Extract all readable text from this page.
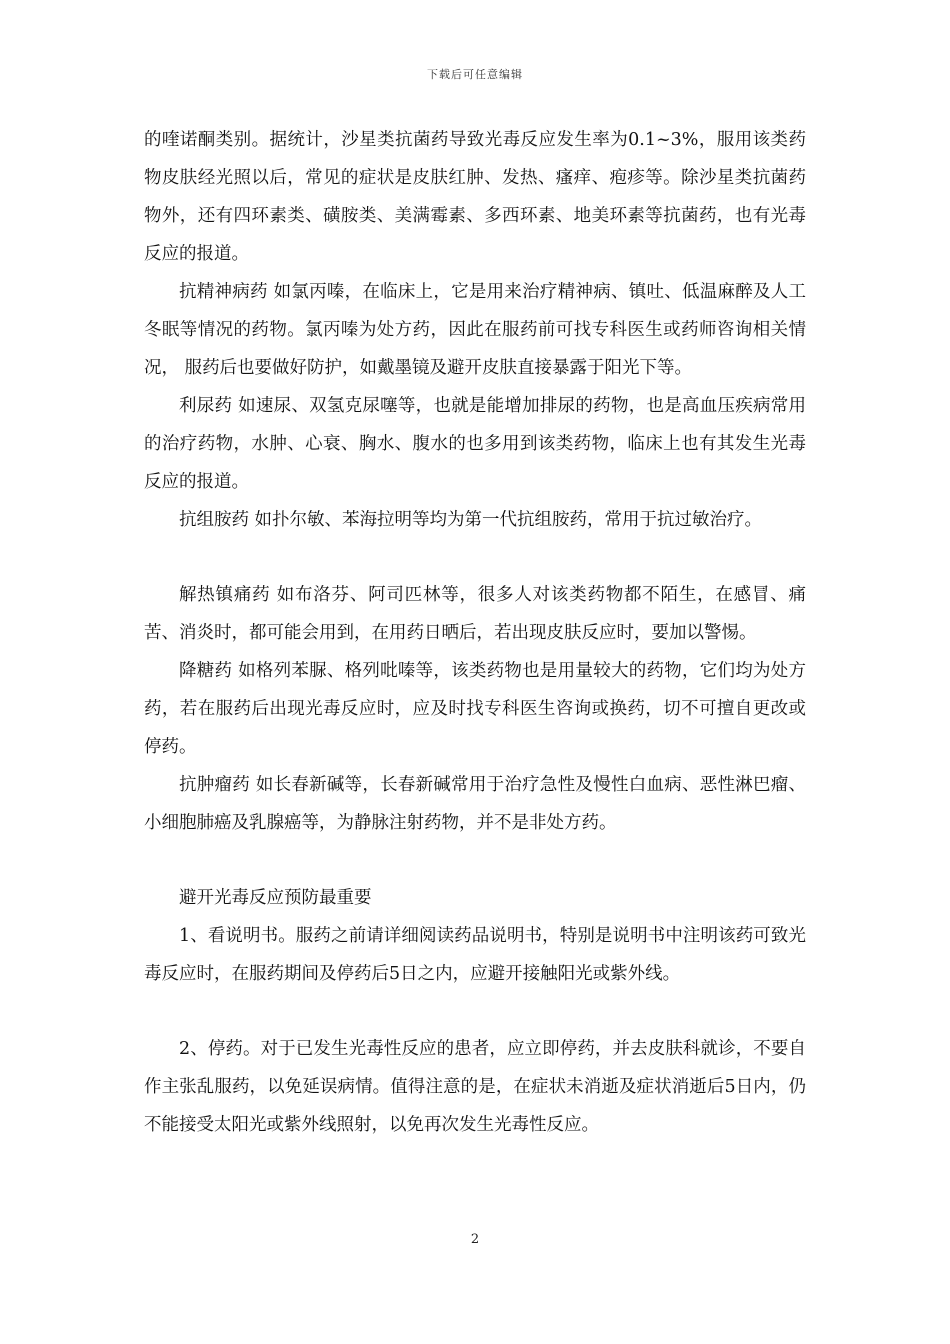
下载后可任意编辑

的喹诺酮类别。据统计，沙星类抗菌药导致光毒反应发生率为0.1~3%，服用该类药物皮肤经光照以后，常见的症状是皮肤红肿、发热、瘙痒、疱疹等。除沙星类抗菌药物外，还有四环素类、磺胺类、美满霉素、多西环素、地美环素等抗菌药，也有光毒反应的报道。

抗精神病药 如氯丙嗪，在临床上，它是用来治疗精神病、镇吐、低温麻醉及人工冬眠等情况的药物。氯丙嗪为处方药，因此在服药前可找专科医生或药师咨询相关情况， 服药后也要做好防护，如戴墨镜及避开皮肤直接暴露于阳光下等。

利尿药 如速尿、双氢克尿噻等，也就是能增加排尿的药物，也是高血压疾病常用的治疗药物，水肿、心衰、胸水、腹水的也多用到该类药物，临床上也有其发生光毒反应的报道。

抗组胺药 如扑尔敏、苯海拉明等均为第一代抗组胺药，常用于抗过敏治疗。

解热镇痛药 如布洛芬、阿司匹林等，很多人对该类药物都不陌生，在感冒、痛苦、消炎时，都可能会用到，在用药日晒后，若出现皮肤反应时，要加以警惕。

降糖药 如格列苯脲、格列吡嗪等，该类药物也是用量较大的药物，它们均为处方药，若在服药后出现光毒反应时，应及时找专科医生咨询或换药，切不可擅自更改或停药。

抗肿瘤药 如长春新碱等，长春新碱常用于治疗急性及慢性白血病、恶性淋巴瘤、小细胞肺癌及乳腺癌等，为静脉注射药物，并不是非处方药。

避开光毒反应预防最重要

1、看说明书。服药之前请详细阅读药品说明书，特别是说明书中注明该药可致光毒反应时，在服药期间及停药后5日之内，应避开接触阳光或紫外线。

2、停药。对于已发生光毒性反应的患者，应立即停药，并去皮肤科就诊，不要自作主张乱服药，以免延误病情。值得注意的是，在症状未消逝及症状消逝后5日内，仍不能接受太阳光或紫外线照射，以免再次发生光毒性反应。

2
